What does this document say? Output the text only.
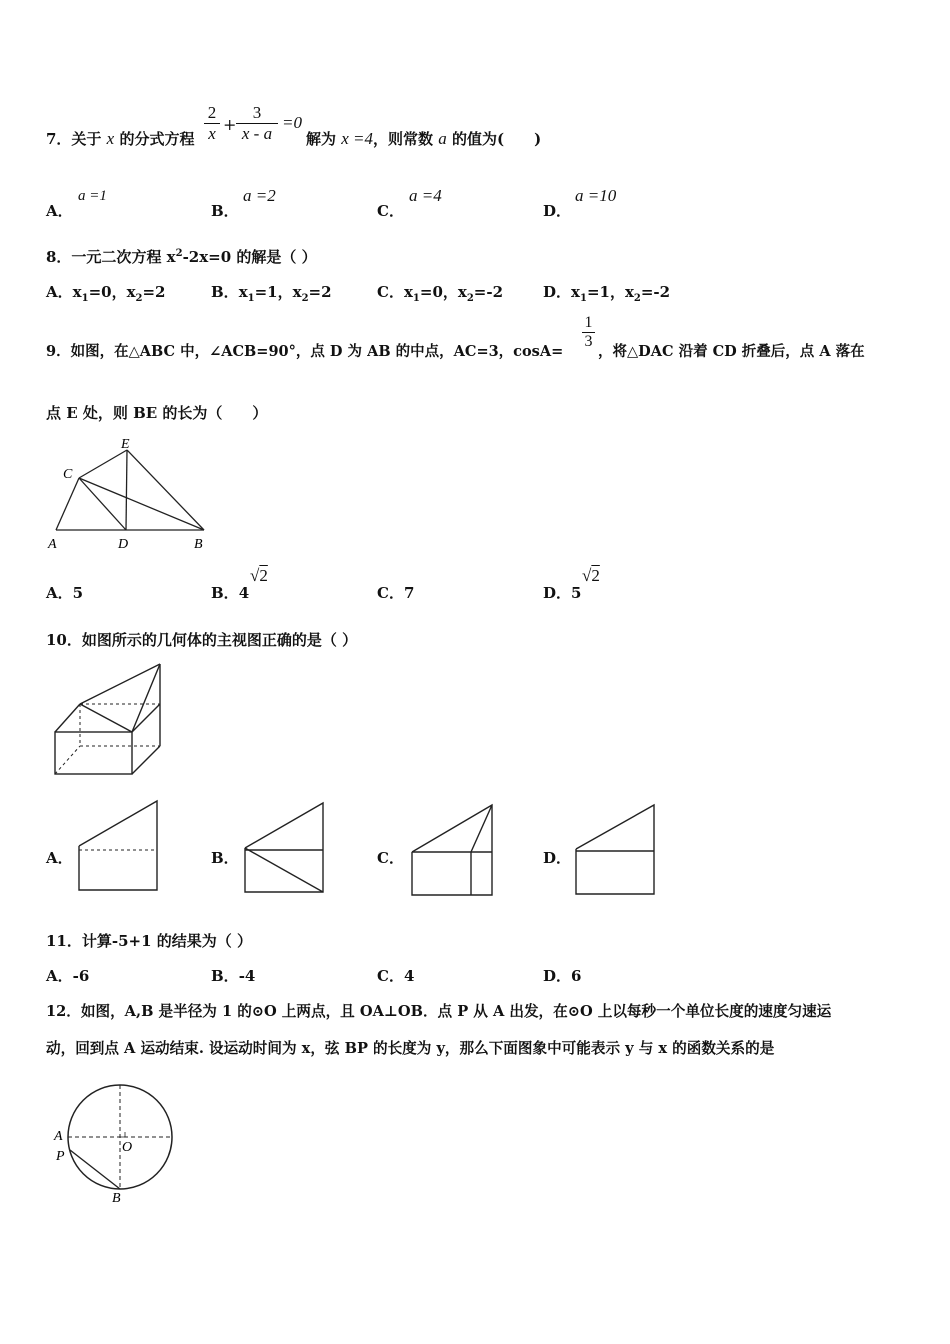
7．关于 x 的分式方程
2
x +
3
x - a
=0
解为 x =4，则常数 a 的值为(　　)
A．
a =1
B．
a =2
C．
a =4
D．
a =10
8．一元二次方程 $x^2-2x=0$ 的解是（ ）
A．$x_1=0$，$x_2=2$	B．$x_1=1$，$x_2=2$	C．$x_1=0$，$x_2=-2$	D．$x_1=1$，$x_2=-2$
9．如图，在△ABC 中，∠ACB=90°，点 D 为 AB 的中点，AC=3，cosA=
1
3
，将△DAC 沿着 CD 折叠后，点 A 落在
点 E 处，则 BE 的长为（　　）
A	D	B
C
E
A．5	B．4
√2
C．7	D．5
√2
10．如图所示的几何体的主视图正确的是（ ）
A．	B．	C．	D．
11．计算-5+1 的结果为（ ）
A．-6	B．-4	C．4	D．6
12．如图，A,B 是半径为 1 的⊙O 上两点，且 OA⊥OB．点 P 从 A 出发，在⊙O 上以每秒一个单位长度的速度匀速运
动，回到点 A 运动结束. 设运动时间为 x，弦 BP 的长度为 y，那么下面图象中可能表示 y 与 x 的函数关系的是
A
P
O
B
